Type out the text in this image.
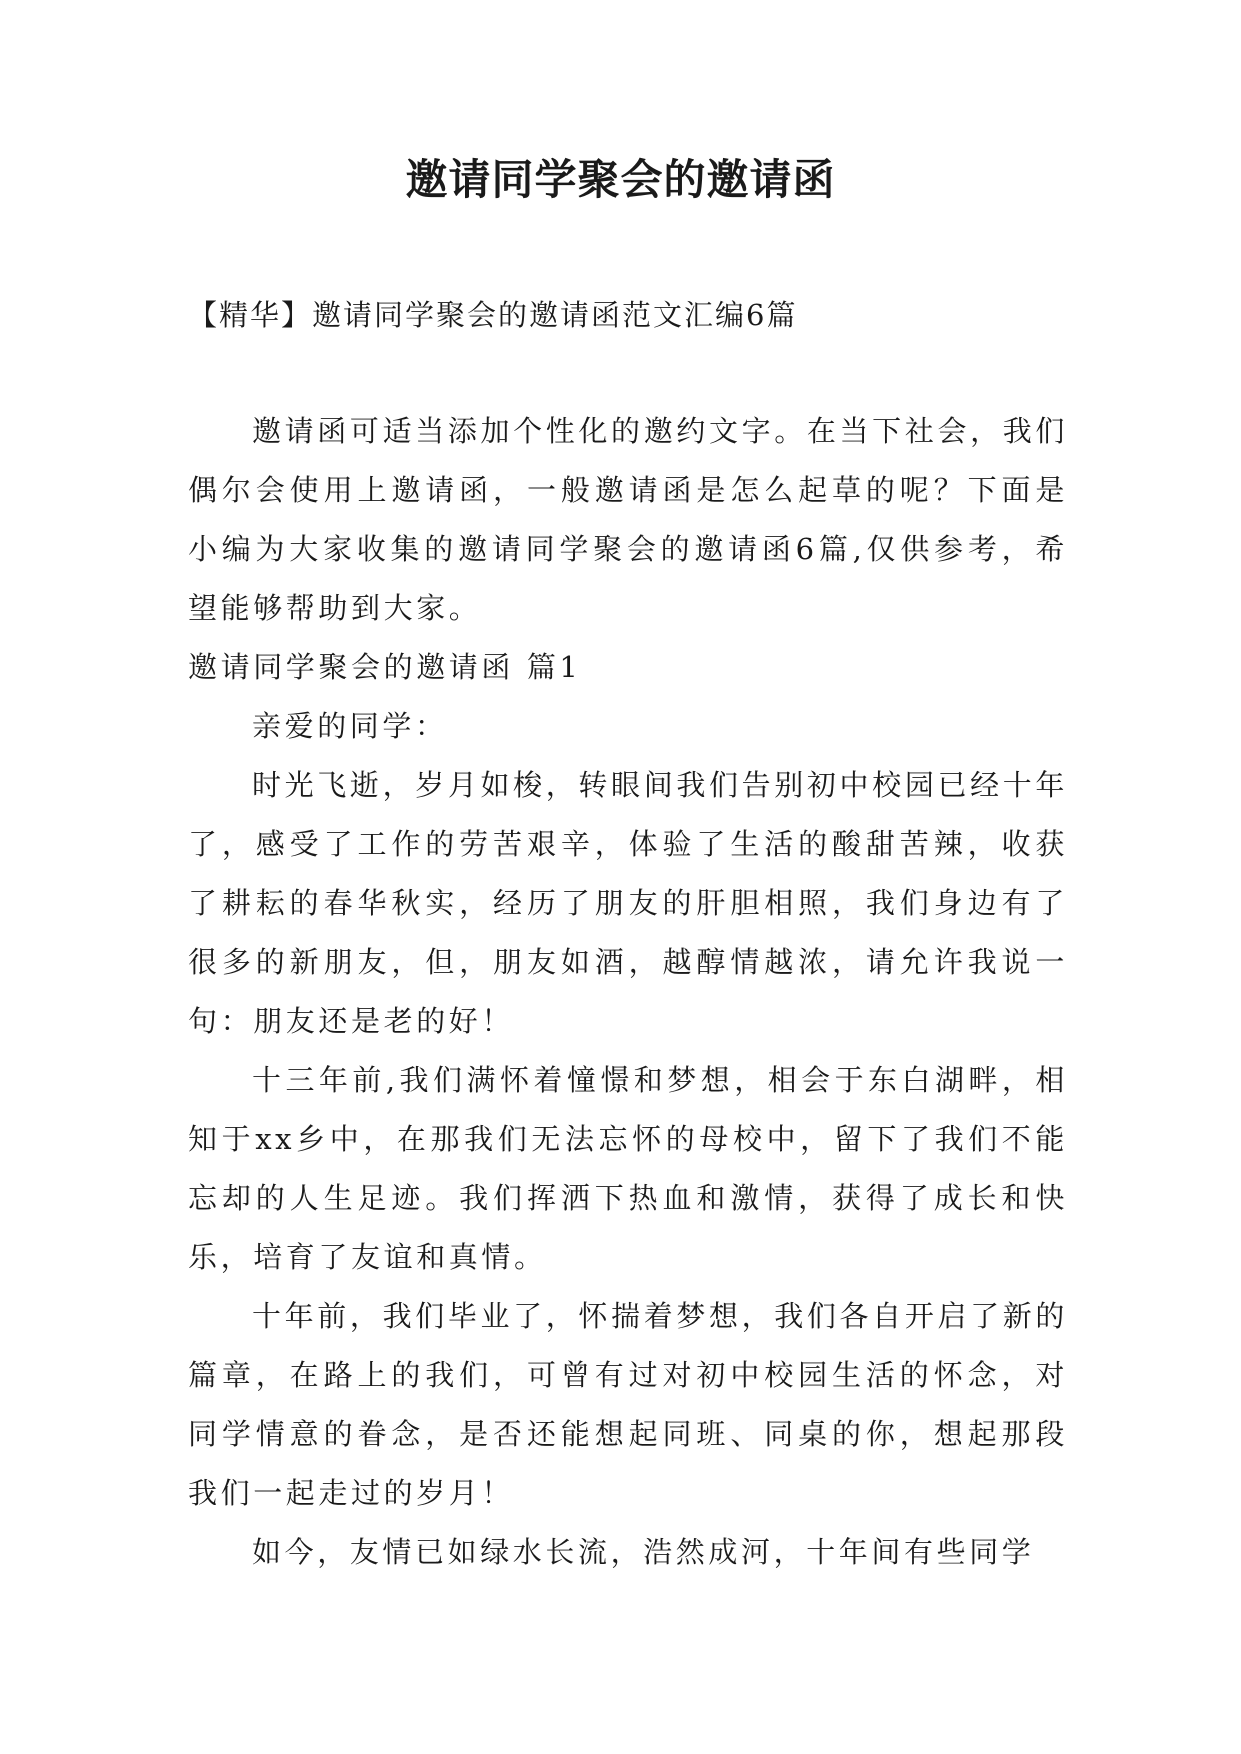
邀请同学聚会的邀请函
【精华】邀请同学聚会的邀请函范文汇编6篇

邀请函可适当添加个性化的邀约文字。在当下社会，我们偶尔会使用上邀请函，一般邀请函是怎么起草的呢？下面是小编为大家收集的邀请同学聚会的邀请函6篇,仅供参考，希望能够帮助到大家。

邀请同学聚会的邀请函 篇1

亲爱的同学：

时光飞逝，岁月如梭，转眼间我们告别初中校园已经十年了，感受了工作的劳苦艰辛，体验了生活的酸甜苦辣，收获了耕耘的春华秋实，经历了朋友的肝胆相照，我们身边有了很多的新朋友，但，朋友如酒，越醇情越浓，请允许我说一句：朋友还是老的好！

十三年前,我们满怀着憧憬和梦想，相会于东白湖畔，相知于xx乡中，在那我们无法忘怀的母校中，留下了我们不能忘却的人生足迹。我们挥洒下热血和激情，获得了成长和快乐，培育了友谊和真情。

十年前，我们毕业了，怀揣着梦想，我们各自开启了新的篇章，在路上的我们，可曾有过对初中校园生活的怀念，对同学情意的眷念，是否还能想起同班、同桌的你，想起那段我们一起走过的岁月！

如今，友情已如绿水长流，浩然成河，十年间有些同学
